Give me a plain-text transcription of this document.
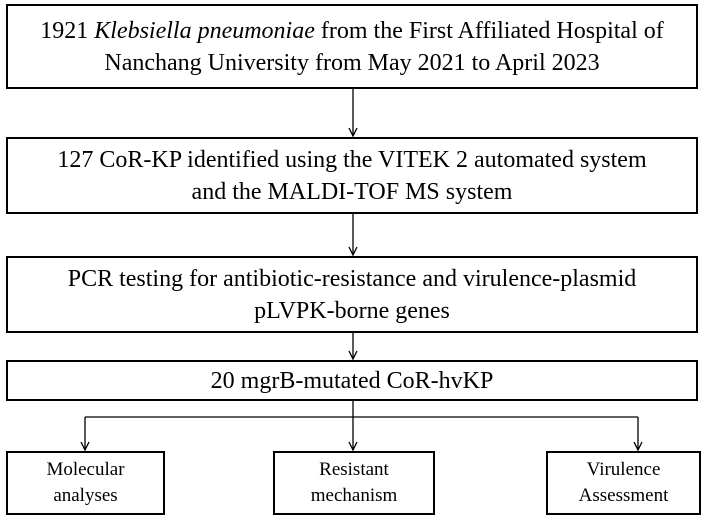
1921 Klebsiella pneumoniae from the First Affiliated Hospital of
Nanchang University from May 2021 to April 2023
127 CoR-KP identified using the VITEK 2 automated system
and the MALDI-TOF MS system
PCR testing for antibiotic-resistance and virulence-plasmid
pLVPK-borne genes
20 mgrB-mutated CoR-hvKP
Molecular
analyses
Resistant
mechanism
Virulence
Assessment
